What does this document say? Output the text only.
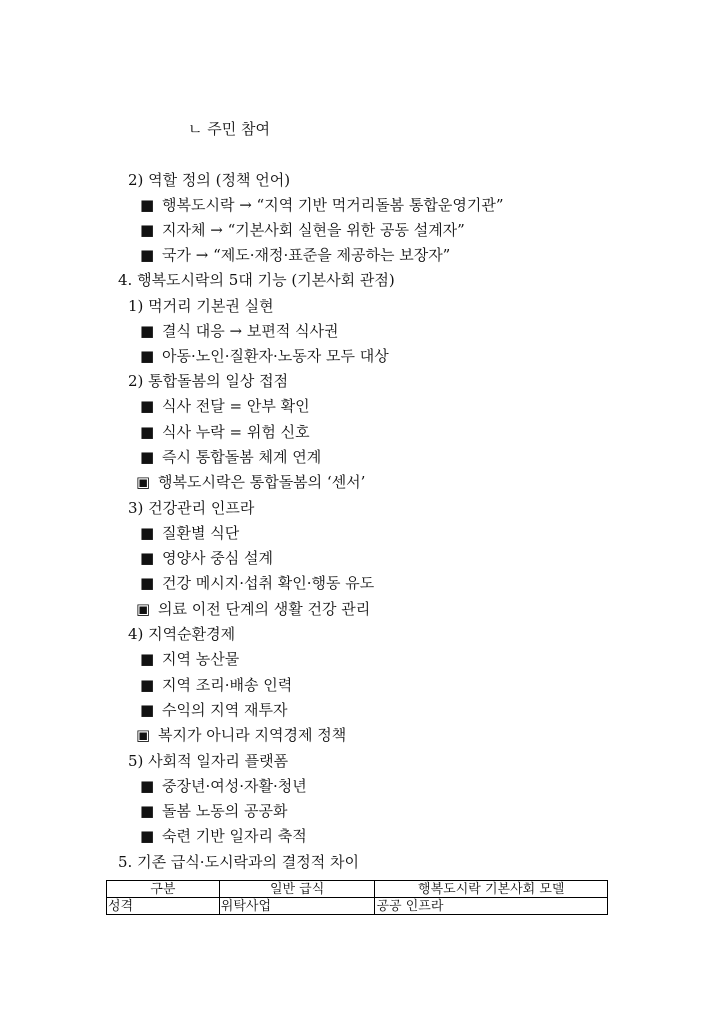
ㄴ 주민 참여
2) 역할 정의 (정책 언어)
■ 행복도시락 → “지역 기반 먹거리돌봄 통합운영기관”
■ 지자체 → “기본사회 실현을 위한 공동 설계자”
■ 국가 → “제도·재정·표준을 제공하는 보장자”
4. 행복도시락의 5대 기능 (기본사회 관점)
1) 먹거리 기본권 실현
■ 결식 대응 → 보편적 식사권
■ 아동·노인·질환자·노동자 모두 대상
2) 통합돌봄의 일상 접점
■ 식사 전달 = 안부 확인
■ 식사 누락 = 위험 신호
■ 즉시 통합돌봄 체계 연계
▣ 행복도시락은 통합돌봄의 ‘센서’
3) 건강관리 인프라
■ 질환별 식단
■ 영양사 중심 설계
■ 건강 메시지·섭취 확인·행동 유도
▣ 의료 이전 단계의 생활 건강 관리
4) 지역순환경제
■ 지역 농산물
■ 지역 조리·배송 인력
■ 수익의 지역 재투자
▣ 복지가 아니라 지역경제 정책
5) 사회적 일자리 플랫폼
■ 중장년·여성·자활·청년
■ 돌봄 노동의 공공화
■ 숙련 기반 일자리 축적
5. 기존 급식·도시락과의 결정적 차이
구분	일반 급식	행복도시락 기본사회 모델
성격	위탁사업	공공 인프라
